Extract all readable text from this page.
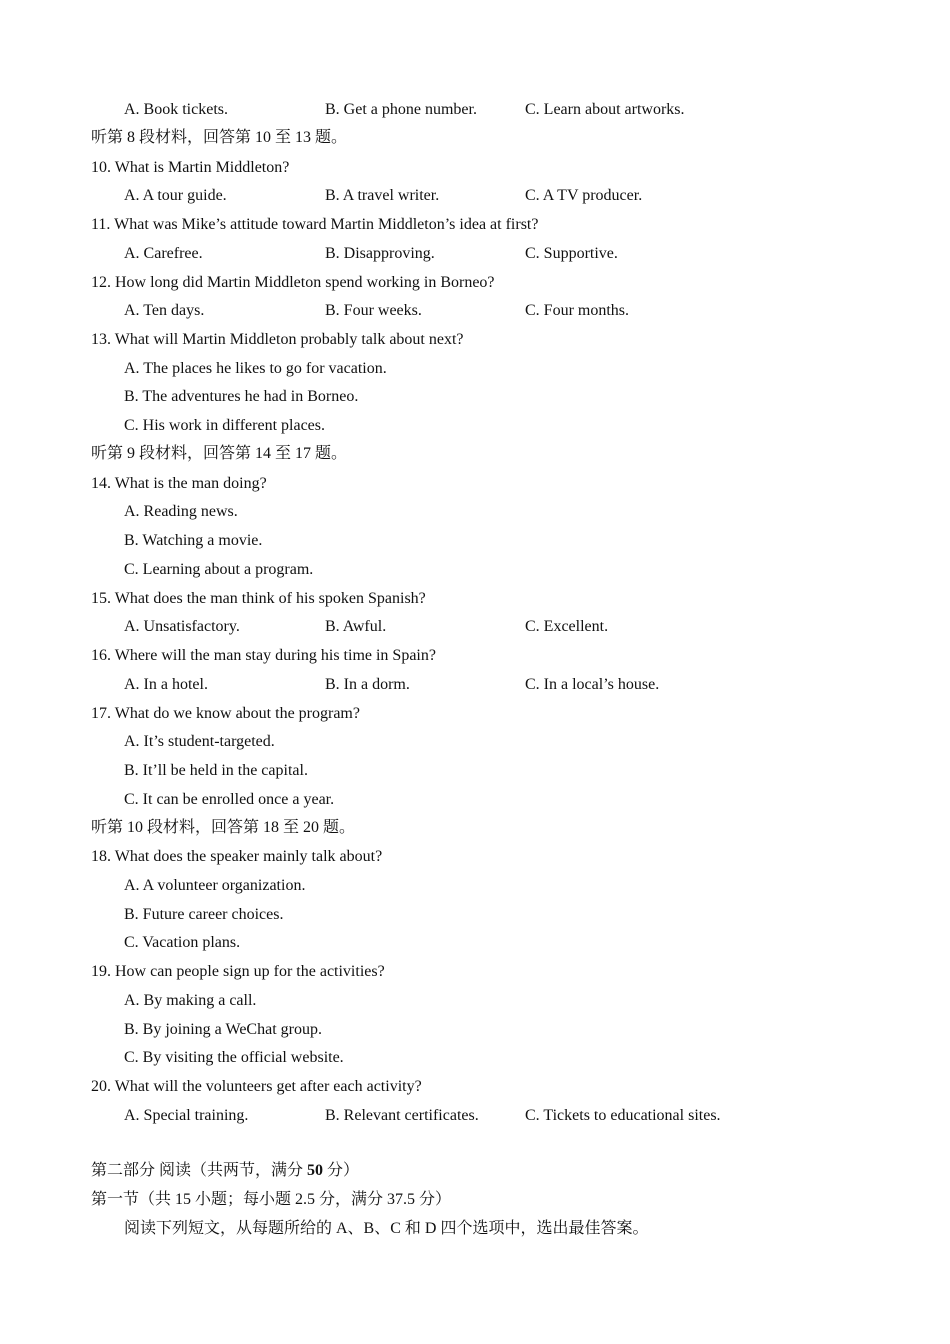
A. Book tickets.	B. Get a phone number.	C. Learn about artworks.
听第 8 段材料，回答第 10 至 13 题。
10. What is Martin Middleton?
A. A tour guide.	B. A travel writer.	C. A TV producer.
11. What was Mike’s attitude toward Martin Middleton’s idea at first?
A. Carefree.	B. Disapproving.	C. Supportive.
12. How long did Martin Middleton spend working in Borneo?
A. Ten days.	B. Four weeks.	C. Four months.
13. What will Martin Middleton probably talk about next?
A. The places he likes to go for vacation.
B. The adventures he had in Borneo.
C. His work in different places.
听第 9 段材料，回答第 14 至 17 题。
14. What is the man doing?
A. Reading news.
B. Watching a movie.
C. Learning about a program.
15. What does the man think of his spoken Spanish?
A. Unsatisfactory.	B. Awful.	C. Excellent.
16. Where will the man stay during his time in Spain?
A. In a hotel.	B. In a dorm.	C. In a local’s house.
17. What do we know about the program?
A. It’s student-targeted.
B. It’ll be held in the capital.
C. It can be enrolled once a year.
听第 10 段材料，回答第 18 至 20 题。
18. What does the speaker mainly talk about?
A. A volunteer organization.
B. Future career choices.
C. Vacation plans.
19. How can people sign up for the activities?
A. By making a call.
B. By joining a WeChat group.
C. By visiting the official website.
20. What will the volunteers get after each activity?
A. Special training.	B. Relevant certificates.	C. Tickets to educational sites.
第二部分 阅读（共两节，满分 50 分）
第一节（共 15 小题；每小题 2.5 分，满分 37.5 分）
阅读下列短文，从每题所给的 A、B、C 和 D 四个选项中，选出最佳答案。
